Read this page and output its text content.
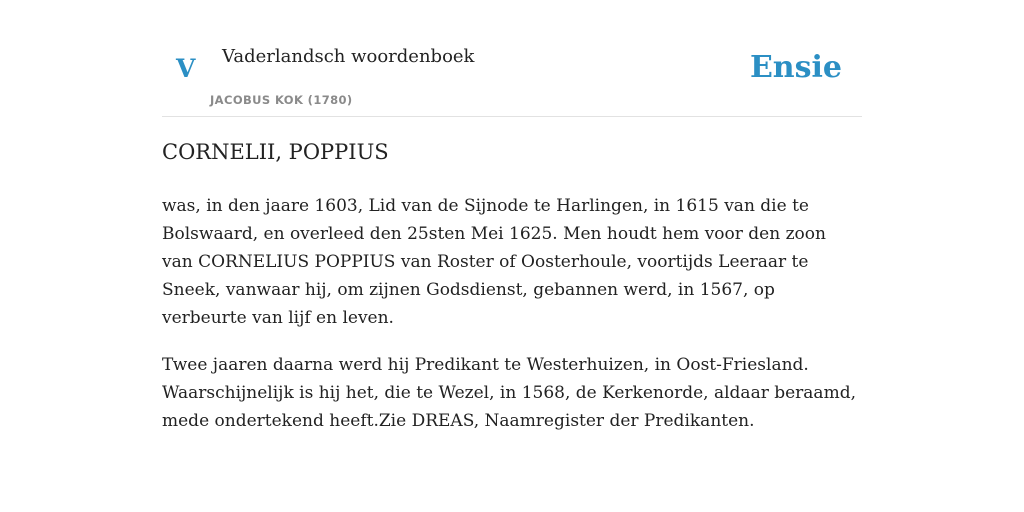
V Vaderlandsch woordenboek
JACOBUS KOK (1780)
Ensie
CORNELII, POPPIUS

was, in den jaare 1603, Lid van de Sijnode te Harlingen, in 1615 van die te Bolswaard, en overleed den 25sten Mei 1625. Men houdt hem voor den zoon van CORNELIUS POPPIUS van Roster of Oosterhoule, voortijds Leeraar te Sneek, vanwaar hij, om zijnen Godsdienst, gebannen werd, in 1567, op verbeurte van lijf en leven.

Twee jaaren daarna werd hij Predikant te Westerhuizen, in Oost-Friesland. Waarschijnelijk is hij het, die te Wezel, in 1568, de Kerkenorde, aldaar beraamd, mede ondertekend heeft.Zie DREAS, Naamregister der Predikanten.
